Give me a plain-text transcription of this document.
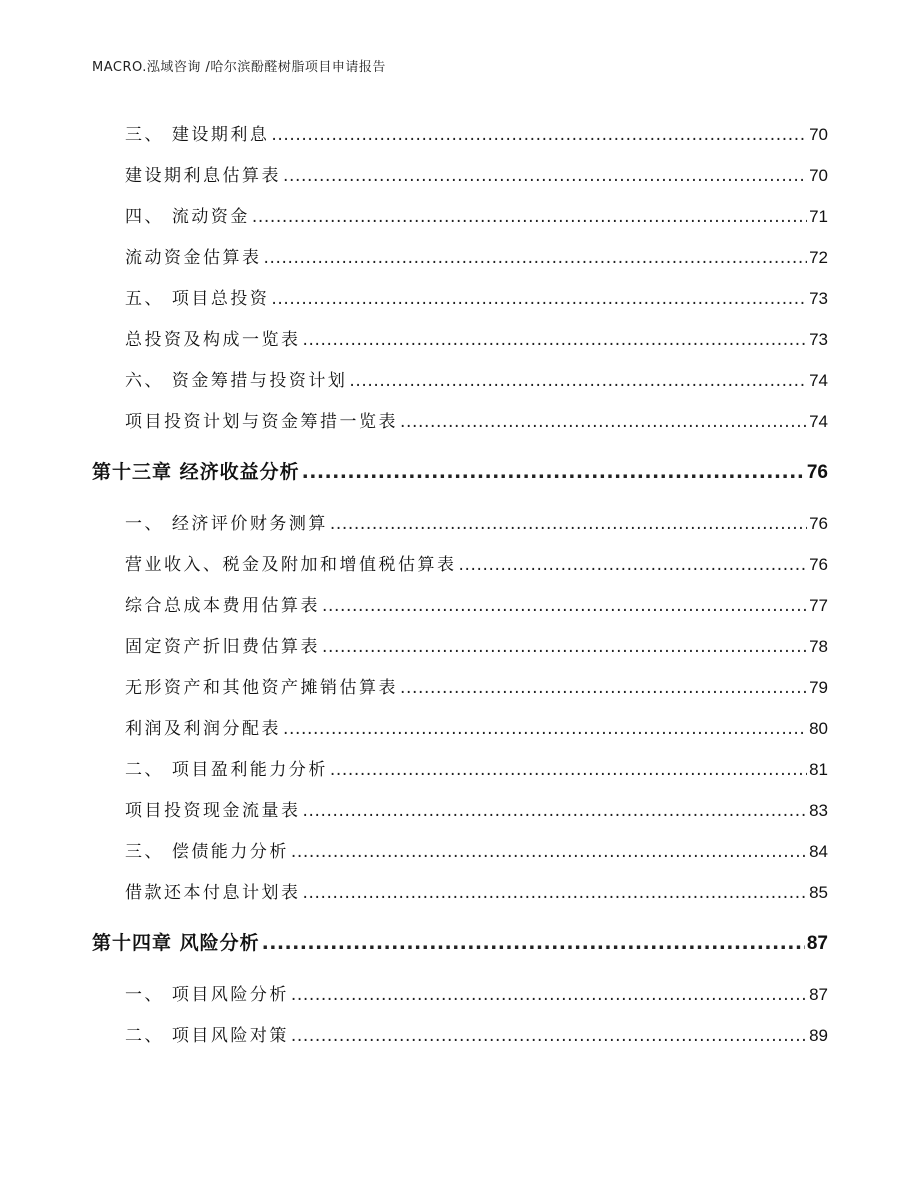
MACRO.泓域咨询 /哈尔滨酚醛树脂项目申请报告
三、 建设期利息 .....	70
建设期利息估算表 .....	70
四、 流动资金 .....	71
流动资金估算表 .....	72
五、 项目总投资 .....	73
总投资及构成一览表 .....	73
六、 资金筹措与投资计划 .....	74
项目投资计划与资金筹措一览表 .....	74
第十三章 经济收益分析 .....	76
一、 经济评价财务测算 .....	76
营业收入、税金及附加和增值税估算表 .....	76
综合总成本费用估算表 .....	77
固定资产折旧费估算表 .....	78
无形资产和其他资产摊销估算表 .....	79
利润及利润分配表 .....	80
二、 项目盈利能力分析 .....	81
项目投资现金流量表 .....	83
三、 偿债能力分析 .....	84
借款还本付息计划表 .....	85
第十四章 风险分析 .....	87
一、 项目风险分析 .....	87
二、 项目风险对策 .....	89
